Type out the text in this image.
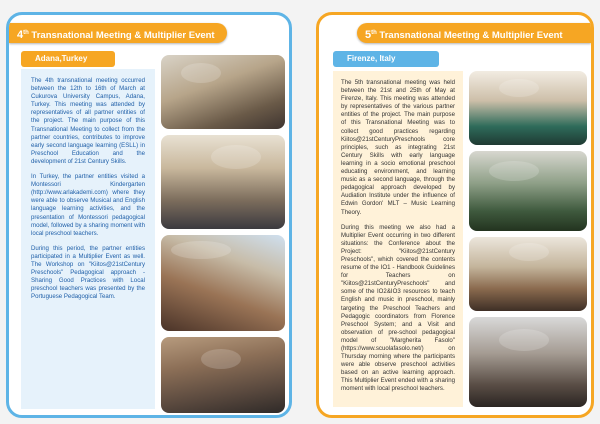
4th Transnational Meeting & Multiplier Event
Adana,Turkey

The 4th transnational meeting occurred between the 12th to 16th of March at Cukurova University Campus, Adana, Turkey. This meeting was attended by representatives of all partner entities of the project. The main purpose of this Transnational Meeting to collect from the partner countries, contributes to improve early second language learning (ESLL) in Preschool Education and the development of 21st Century Skills.

In Turkey, the partner entities visited a Montessori Kindergarten (http://www.arlakademi.com) where they were able to observe Musical and English language learning activities, and the presentation of Montessori pedagogical model, followed by a sharing moment with local preschool teachers.

During this period, the partner entities participated in a Multiplier Event as well. The Workshop on "Kiitos@21stCentury Preschools" Pedagogical approach - Sharing Good Practices with Local preschool teachers was presented by the Portuguese Pedagogical Team.

5th Transnational Meeting & Multiplier Event
Firenze, Italy

The 5th transnational meeting was held between the 21st and 25th of May at Firenze, Italy. This meeting was attended by representatives of the various partner entities of the project. The main purpose of this Transnational Meeting was to collect good practices regarding Kiitos@21stCenturyPreschools core principles, such as integrating 21st Century Skills with early language learning in a socio emotional preschool educating environment, and learning music as a second language, through the pedagogical approach developed by Audiation Institute under the influence of Edwin Gordon' MLT – Music Learning Theory.

During this meeting we also had a Multiplier Event occurring in two different situations: the Conference about the Project: "Kiitos@21stCentury Preschools", which covered the contents resume of the IO1 - Handbook Guidelines for Teachers on "Kiitos@21stCenturyPreschools" and some of the IO2&IO3 resources to teach English and music in preschool, mainly targeting the Preschool Teachers and Pedagogic coordinators from Florence Preschool System; and a Visit and observation of pre-school pedagogical model of "Margherita Fasolo" (https://www.scuolafasolo.net/) on Thursday morning where the participants were able observe preschool activities based on an active learning approach. This Multiplier Event ended with a sharing moment with local preschool teachers.
